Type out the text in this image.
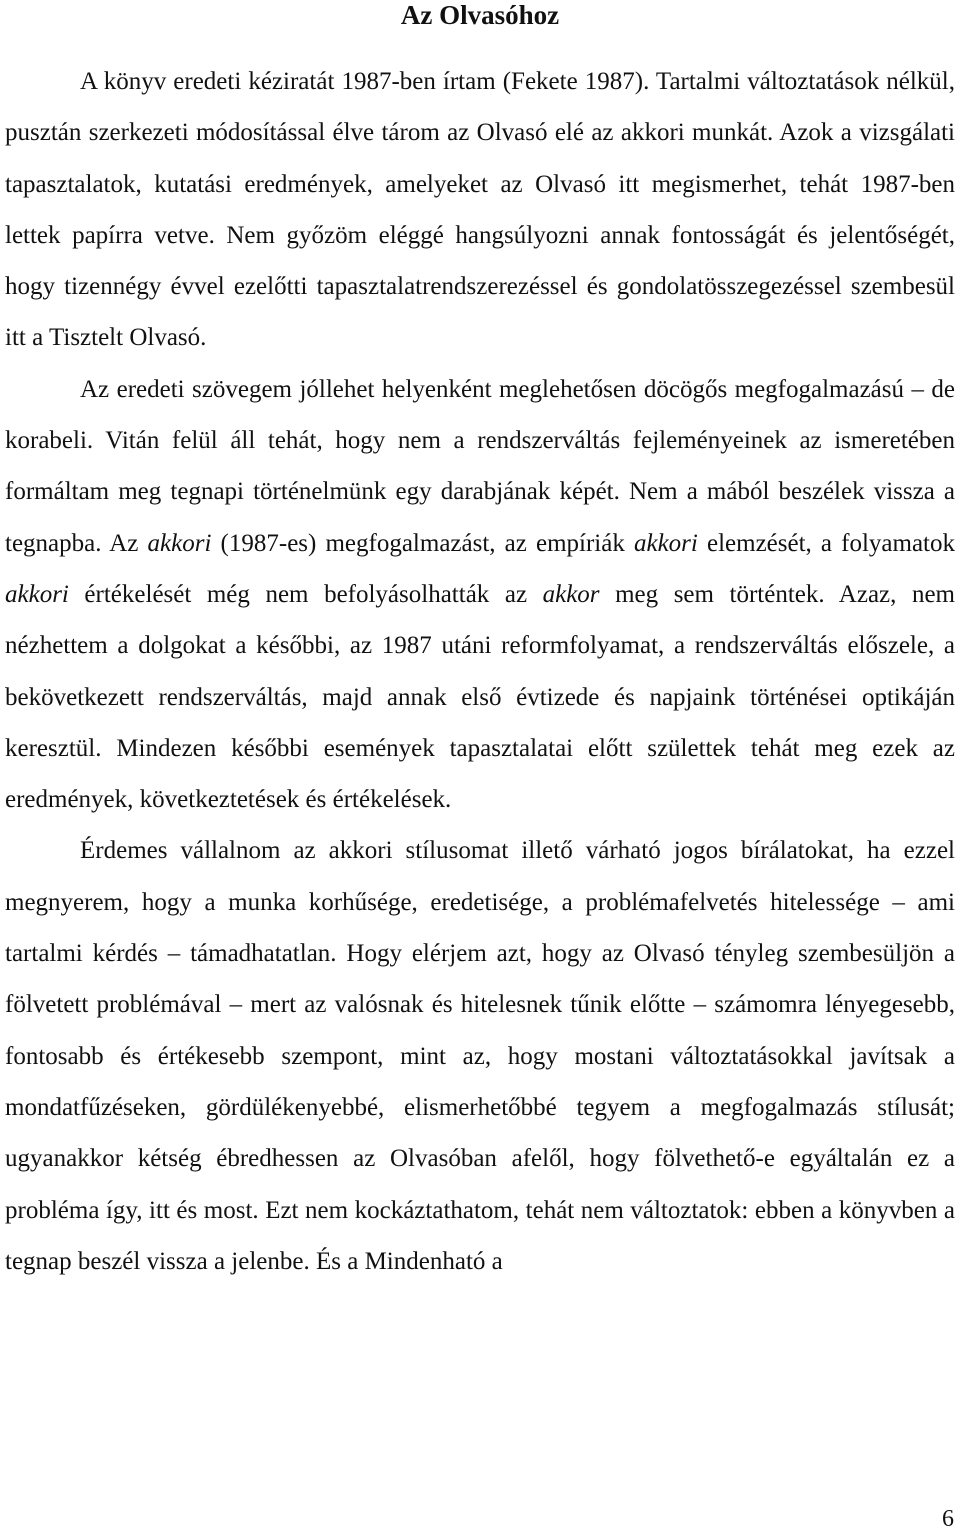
Az Olvasóhoz

A könyv eredeti kéziratát 1987-ben írtam (Fekete 1987). Tartalmi változtatások nélkül, pusztán szerkezeti módosítással élve tárom az Olvasó elé az akkori munkát. Azok a vizsgálati tapasztalatok, kutatási eredmények, amelyeket az Olvasó itt megismerhet, tehát 1987-ben lettek papírra vetve. Nem győzöm eléggé hangsúlyozni annak fontosságát és jelentőségét, hogy tizennégy évvel ezelőtti tapasztalatrendszerezéssel és gondolatösszegezéssel szembesül itt a Tisztelt Olvasó.

Az eredeti szövegem jóllehet helyenként meglehetősen döcögős megfogalmazású – de korabeli. Vitán felül áll tehát, hogy nem a rendszerváltás fejleményeinek az ismeretében formáltam meg tegnapi történelmünk egy darabjának képét. Nem a mából beszélek vissza a tegnapba. Az akkori (1987-es) megfogalmazást, az empíriák akkori elemzését, a folyamatok akkori értékelését még nem befolyásolhatták az akkor meg sem történtek. Azaz, nem nézhettem a dolgokat a későbbi, az 1987 utáni reformfolyamat, a rendszerváltás előszele, a bekövetkezett rendszerváltás, majd annak első évtizede és napjaink történései optikáján keresztül. Mindezen későbbi események tapasztalatai előtt születtek tehát meg ezek az eredmények, következtetések és értékelések.

Érdemes vállalnom az akkori stílusomat illető várható jogos bírálatokat, ha ezzel megnyerem, hogy a munka korhűsége, eredetisége, a problémafelvetés hitelessége – ami tartalmi kérdés – támadhatatlan. Hogy elérjem azt, hogy az Olvasó tényleg szembesüljön a fölvetett problémával – mert az valósnak és hitelesnek tűnik előtte – számomra lényegesebb, fontosabb és értékesebb szempont, mint az, hogy mostani változtatásokkal javítsak a mondatfűzéseken, gördülékenyebbé, elismerhetőbbé tegyem a megfogalmazás stílusát; ugyanakkor kétség ébredhessen az Olvasóban afelől, hogy fölvethető-e egyáltalán ez a probléma így, itt és most. Ezt nem kockáztathatom, tehát nem változtatok: ebben a könyvben a tegnap beszél vissza a jelenbe. És a Mindenható a

6
